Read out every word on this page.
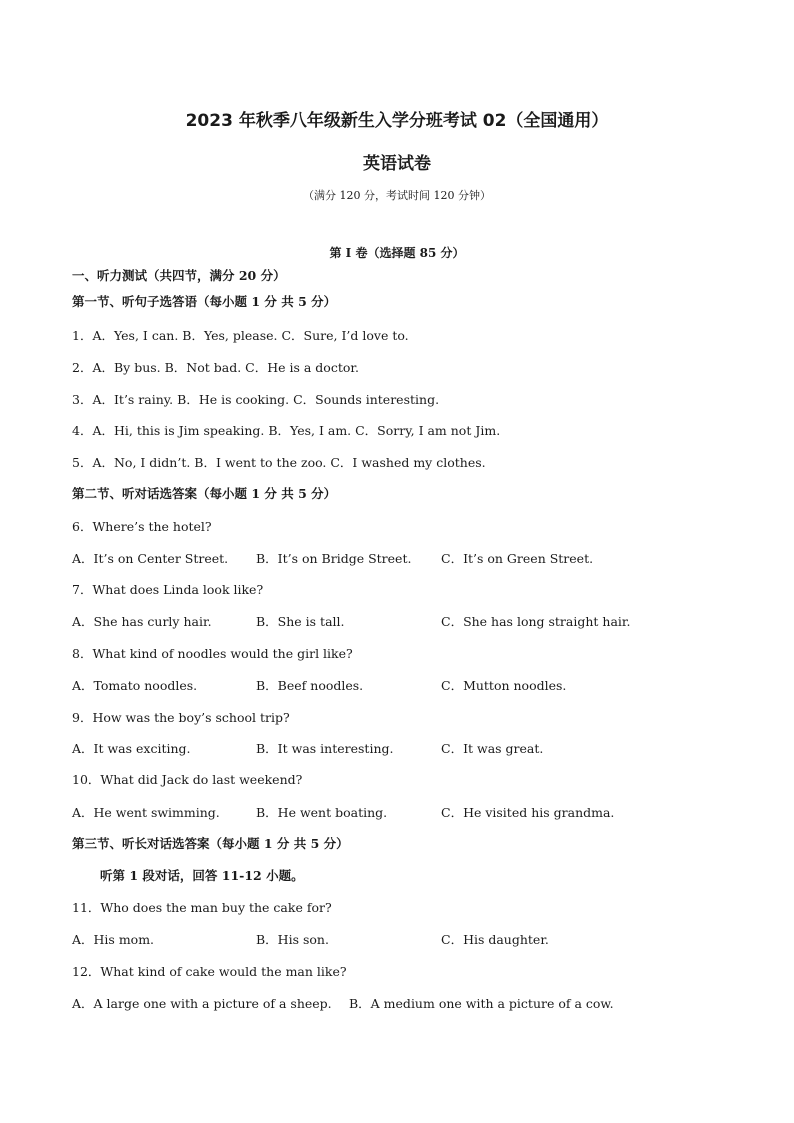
2023 年秋季八年级新生入学分班考试 02（全国通用）
英语试卷
（满分 120 分，考试时间 120 分钟）
第 I 卷（选择题 85 分）
一、听力测试（共四节，满分 20 分）
第一节、听句子选答语（每小题 1 分 共 5 分）
1．A．Yes, I can. B．Yes, please. C．Sure, I’d love to.
2．A．By bus. B．Not bad. C．He is a doctor.
3．A．It’s rainy. B．He is cooking. C．Sounds interesting.
4．A．Hi, this is Jim speaking. B．Yes, I am. C．Sorry, I am not Jim.
5．A．No, I didn’t. B．I went to the zoo. C．I washed my clothes.
第二节、听对话选答案（每小题 1 分 共 5 分）
6．Where’s the hotel?
A．It’s on Center Street. B．It’s on Bridge Street. C．It’s on Green Street.
7．What does Linda look like?
A．She has curly hair.	B．She is tall.	C．She has long straight hair.
8．What kind of noodles would the girl like?
A．Tomato noodles.	B．Beef noodles.	C．Mutton noodles.
9．How was the boy’s school trip?
A．It was exciting.	B．It was interesting.	C．It was great.
10．What did Jack do last weekend?
A．He went swimming.	B．He went boating.	C．He visited his grandma.
第三节、听长对话选答案（每小题 1 分 共 5 分）
听第 1 段对话，回答 11-12 小题。
11．Who does the man buy the cake for?
A．His mom.	B．His son.	C．His daughter.
12．What kind of cake would the man like?
A．A large one with a picture of a sheep. B．A medium one with a picture of a cow.
